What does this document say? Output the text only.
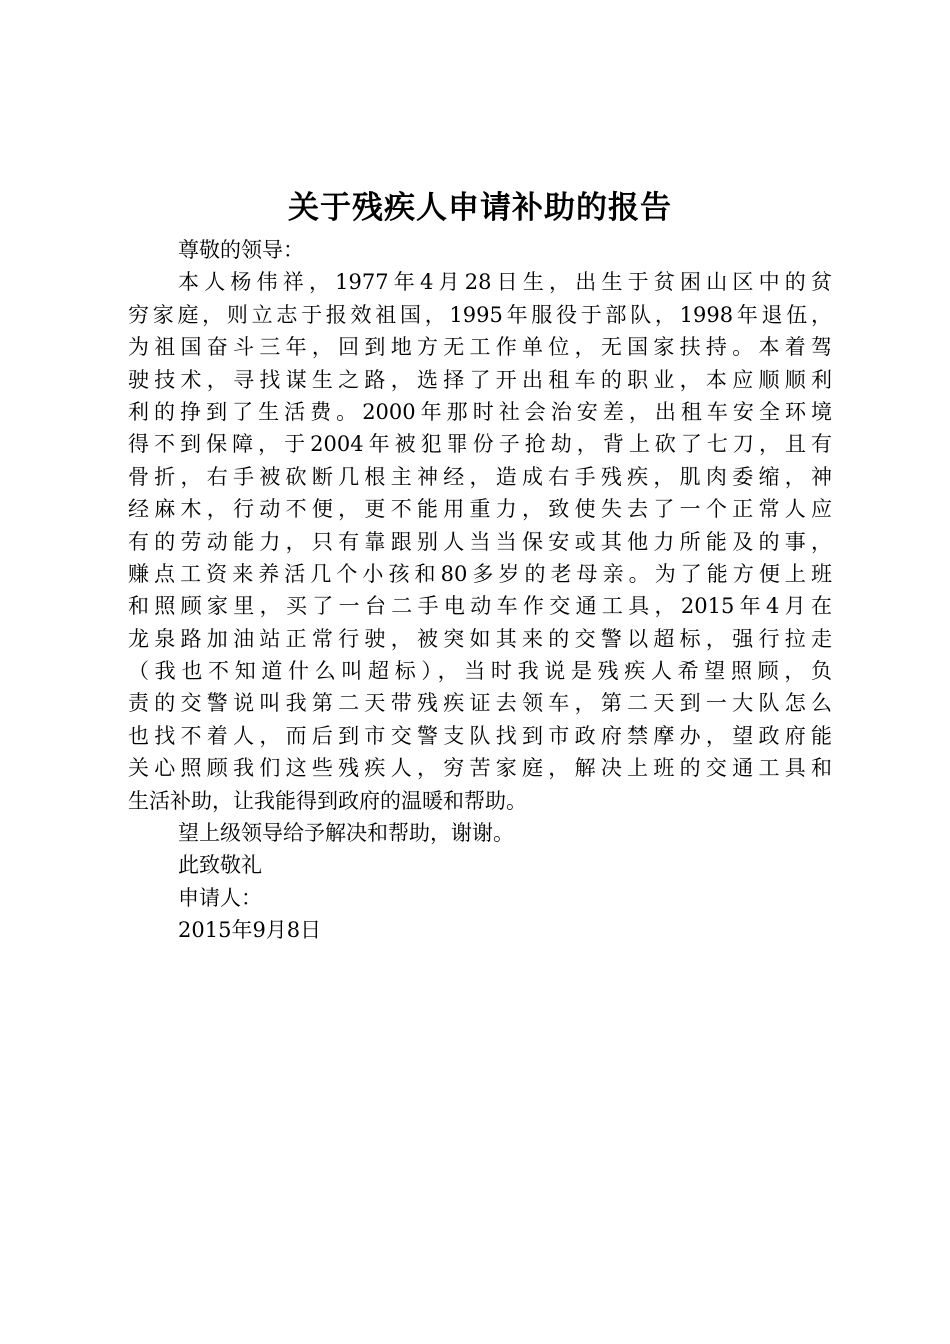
关于残疾人申请补助的报告
尊敬的领导：
本人杨伟祥，1977年4月28日生，出生于贫困山区中的贫
穷家庭，则立志于报效祖国，1995年服役于部队，1998年退伍，
为祖国奋斗三年，回到地方无工作单位，无国家扶持。本着驾
驶技术，寻找谋生之路，选择了开出租车的职业，本应顺顺利
利的挣到了生活费。2000年那时社会治安差，出租车安全环境
得不到保障，于2004年被犯罪份子抢劫，背上砍了七刀，且有
骨折，右手被砍断几根主神经，造成右手残疾，肌肉委缩，神
经麻木，行动不便，更不能用重力，致使失去了一个正常人应
有的劳动能力，只有靠跟别人当当保安或其他力所能及的事，
赚点工资来养活几个小孩和80多岁的老母亲。为了能方便上班
和照顾家里，买了一台二手电动车作交通工具，2015年4月在
龙泉路加油站正常行驶，被突如其来的交警以超标，强行拉走
（我也不知道什么叫超标），当时我说是残疾人希望照顾，负
责的交警说叫我第二天带残疾证去领车，第二天到一大队怎么
也找不着人，而后到市交警支队找到市政府禁摩办，望政府能
关心照顾我们这些残疾人，穷苦家庭，解决上班的交通工具和
生活补助，让我能得到政府的温暖和帮助。
望上级领导给予解决和帮助，谢谢。
此致敬礼
申请人：
2015年9月8日
